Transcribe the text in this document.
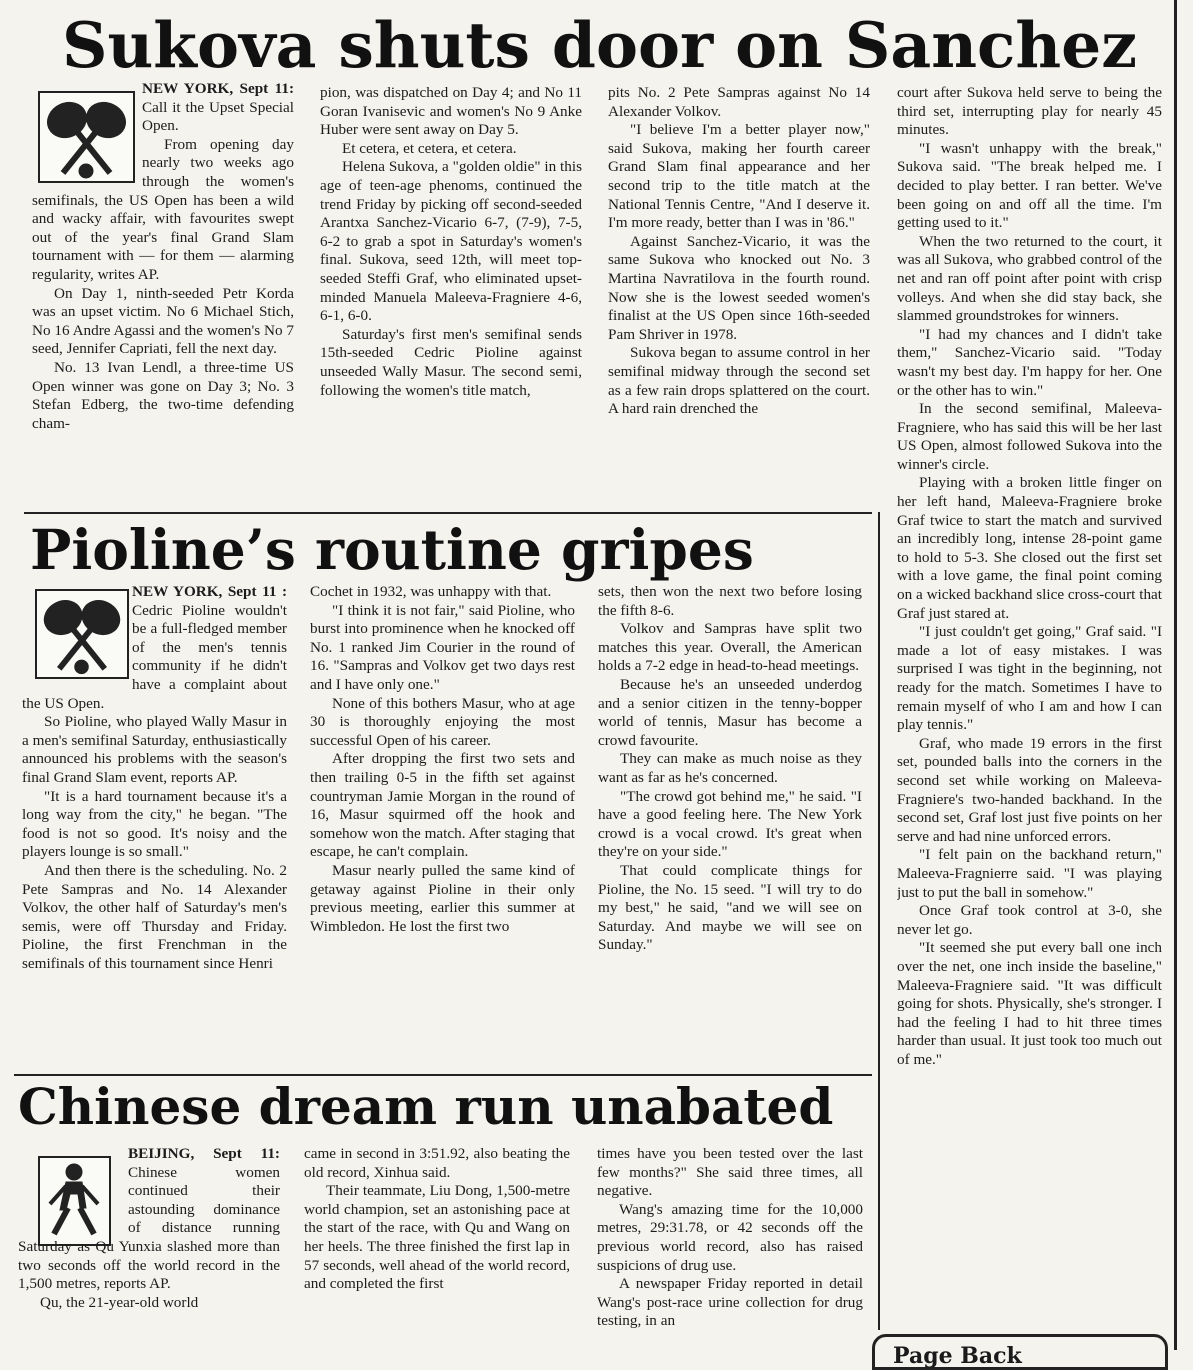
Sukova shuts door on Sanchez

NEW YORK, Sept 11: Call it the Upset Special Open.

From opening day nearly two weeks ago through the women's semifinals, the US Open has been a wild and wacky affair, with favourites swept out of the year's final Grand Slam tournament with — for them — alarming regularity, writes AP.

On Day 1, ninth-seeded Petr Korda was an upset victim. No 6 Michael Stich, No 16 Andre Agassi and the women's No 7 seed, Jennifer Capriati, fell the next day.

No. 13 Ivan Lendl, a three-time US Open winner was gone on Day 3; No. 3 Stefan Edberg, the two-time defending cham-

pion, was dispatched on Day 4; and No 11 Goran Ivanisevic and women's No 9 Anke Huber were sent away on Day 5.

Et cetera, et cetera, et cetera.

Helena Sukova, a "golden oldie" in this age of teen-age phenoms, continued the trend Friday by picking off second-seeded Arantxa Sanchez-Vicario 6-7, (7-9), 7-5, 6-2 to grab a spot in Saturday's women's final. Sukova, seed 12th, will meet top-seeded Steffi Graf, who eliminated upset-minded Manuela Maleeva-Fragniere 4-6, 6-1, 6-0.

Saturday's first men's semifinal sends 15th-seeded Cedric Pioline against unseeded Wally Masur. The second semi, following the women's title match,

pits No. 2 Pete Sampras against No 14 Alexander Volkov.

"I believe I'm a better player now," said Sukova, making her fourth career Grand Slam final appearance and her second trip to the title match at the National Tennis Centre, "And I deserve it. I'm more ready, better than I was in '86."

Against Sanchez-Vicario, it was the same Sukova who knocked out No. 3 Martina Navratilova in the fourth round. Now she is the lowest seeded women's finalist at the US Open since 16th-seeded Pam Shriver in 1978.

Sukova began to assume control in her semifinal midway through the second set as a few rain drops splattered on the court. A hard rain drenched the

court after Sukova held serve to being the third set, interrupting play for nearly 45 minutes.

"I wasn't unhappy with the break," Sukova said. "The break helped me. I decided to play better. I ran better. We've been going on and off all the time. I'm getting used to it."

When the two returned to the court, it was all Sukova, who grabbed control of the net and ran off point after point with crisp volleys. And when she did stay back, she slammed groundstrokes for winners.

"I had my chances and I didn't take them," Sanchez-Vicario said. "Today wasn't my best day. I'm happy for her. One or the other has to win."

In the second semifinal, Maleeva-Fragniere, who has said this will be her last US Open, almost followed Sukova into the winner's circle.

Playing with a broken little finger on her left hand, Maleeva-Fragniere broke Graf twice to start the match and survived an incredibly long, intense 28-point game to hold to 5-3. She closed out the first set with a love game, the final point coming on a wicked backhand slice cross-court that Graf just stared at.

"I just couldn't get going," Graf said. "I made a lot of easy mistakes. I was surprised I was tight in the beginning, not ready for the match. Sometimes I have to remain myself of who I am and how I can play tennis."

Graf, who made 19 errors in the first set, pounded balls into the corners in the second set while working on Maleeva-Fragniere's two-handed backhand. In the second set, Graf lost just five points on her serve and had nine unforced errors.

"I felt pain on the backhand return," Maleeva-Fragnierre said. "I was playing just to put the ball in somehow."

Once Graf took control at 3-0, she never let go.

"It seemed she put every ball one inch over the net, one inch inside the baseline," Maleeva-Fragniere said. "It was difficult going for shots. Physically, she's stronger. I had the feeling I had to hit three times harder than usual. It just took too much out of me."

Pioline’s routine gripes

NEW YORK, Sept 11 : Cedric Pioline wouldn't be a full-fledged member of the men's tennis community if he didn't have a complaint about the US Open.

So Pioline, who played Wally Masur in a men's semifinal Saturday, enthusiastically announced his problems with the season's final Grand Slam event, reports AP.

"It is a hard tournament because it's a long way from the city," he began. "The food is not so good. It's noisy and the players lounge is so small."

And then there is the scheduling. No. 2 Pete Sampras and No. 14 Alexander Volkov, the other half of Saturday's men's semis, were off Thursday and Friday. Pioline, the first Frenchman in the semifinals of this tournament since Henri

Cochet in 1932, was unhappy with that.

"I think it is not fair," said Pioline, who burst into prominence when he knocked off No. 1 ranked Jim Courier in the round of 16. "Sampras and Volkov get two days rest and I have only one."

None of this bothers Masur, who at age 30 is thoroughly enjoying the most successful Open of his career.

After dropping the first two sets and then trailing 0-5 in the fifth set against countryman Jamie Morgan in the round of 16, Masur squirmed off the hook and somehow won the match. After staging that escape, he can't complain.

Masur nearly pulled the same kind of getaway against Pioline in their only previous meeting, earlier this summer at Wimbledon. He lost the first two

sets, then won the next two before losing the fifth 8-6.

Volkov and Sampras have split two matches this year. Overall, the American holds a 7-2 edge in head-to-head meetings.

Because he's an unseeded underdog and a senior citizen in the tenny-bopper world of tennis, Masur has become a crowd favourite.

They can make as much noise as they want as far as he's concerned.

"The crowd got behind me," he said. "I have a good feeling here. The New York crowd is a vocal crowd. It's great when they're on your side."

That could complicate things for Pioline, the No. 15 seed. "I will try to do my best," he said, "and we will see on Saturday. And maybe we will see on Sunday."

Chinese dream run unabated

BEIJING, Sept 11: Chinese women continued their astounding dominance of distance running Saturday as Qu Yunxia slashed more than two seconds off the world record in the 1,500 metres, reports AP.

Qu, the 21-year-old world

came in second in 3:51.92, also beating the old record, Xinhua said.

Their teammate, Liu Dong, 1,500-metre world champion, set an astonishing pace at the start of the race, with Qu and Wang on her heels. The three finished the first lap in 57 seconds, well ahead of the world record, and completed the first

times have you been tested over the last few months?" She said three times, all negative.

Wang's amazing time for the 10,000 metres, 29:31.78, or 42 seconds off the previous world record, also has raised suspicions of drug use.

A newspaper Friday reported in detail Wang's post-race urine collection for drug testing, in an

Page Back
